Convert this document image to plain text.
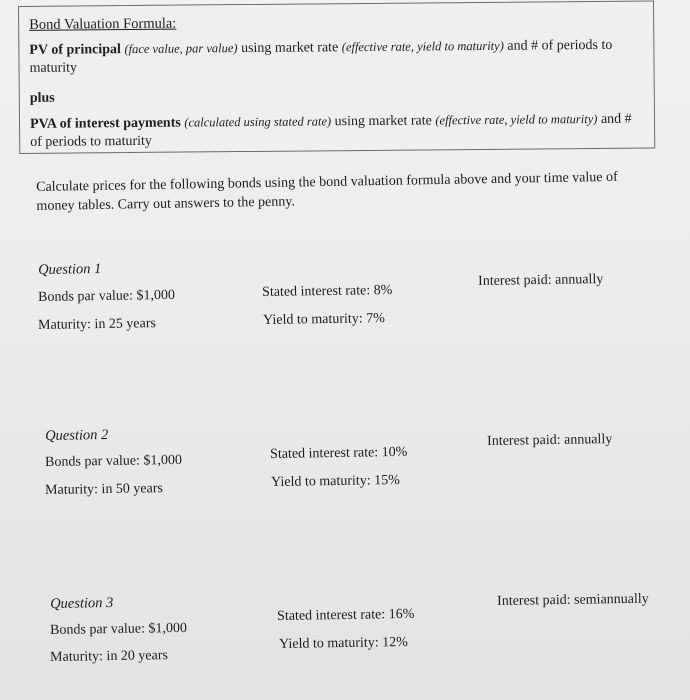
Bond Valuation Formula:
PV of principal (face value, par value) using market rate (effective rate, yield to maturity) and # of periods to maturity
plus
PVA of interest payments (calculated using stated rate) using market rate (effective rate, yield to maturity) and # of periods to maturity
Calculate prices for the following bonds using the bond valuation formula above and your time value of money tables. Carry out answers to the penny.
Question 1
Bonds par value: $1,000
Maturity: in 25 years
Stated interest rate: 8%
Yield to maturity: 7%
Interest paid: annually
Question 2
Bonds par value: $1,000
Maturity: in 50 years
Stated interest rate: 10%
Yield to maturity: 15%
Interest paid: annually
Question 3
Bonds par value: $1,000
Maturity: in 20 years
Stated interest rate: 16%
Yield to maturity: 12%
Interest paid: semiannually
